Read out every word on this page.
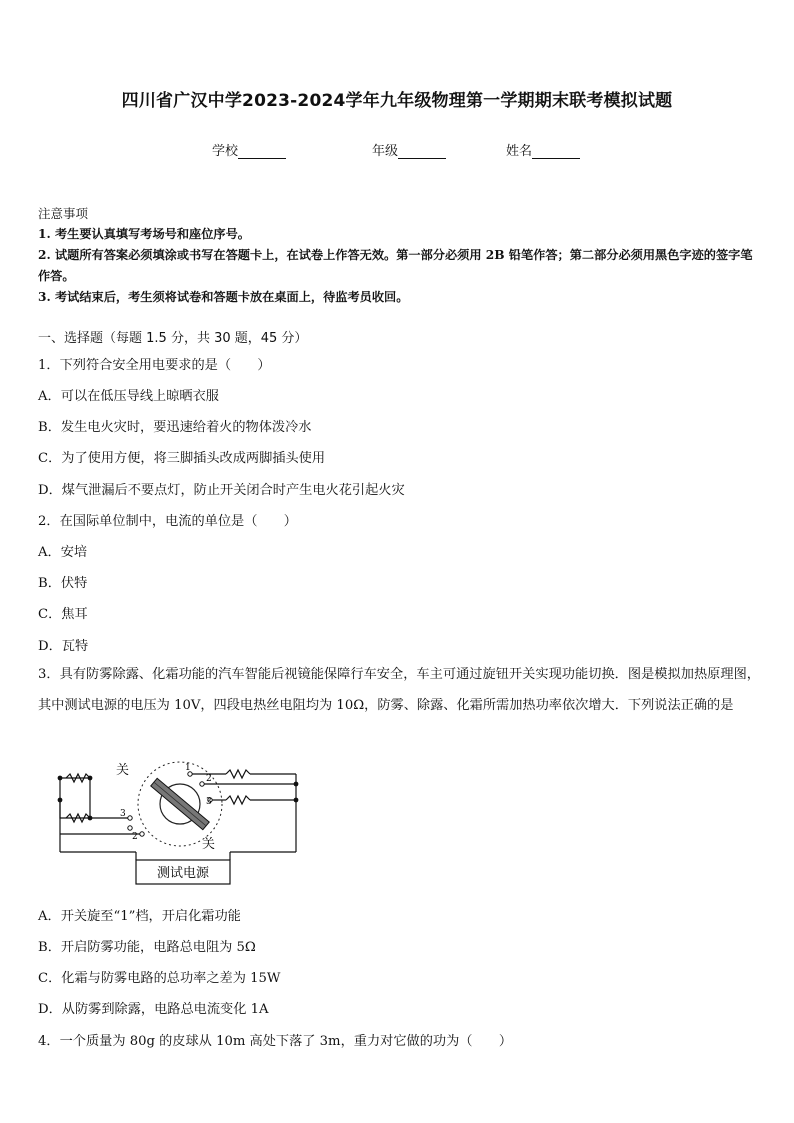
四川省广汉中学2023-2024学年九年级物理第一学期期末联考模拟试题
学校	年级	姓名
注意事项
1. 考生要认真填写考场号和座位序号。
2. 试题所有答案必须填涂或书写在答题卡上，在试卷上作答无效。第一部分必须用 2B 铅笔作答；第二部分必须用黑色字迹的签字笔作答。
3. 考试结束后，考生须将试卷和答题卡放在桌面上，待监考员收回。
一、选择题（每题 1.5 分，共 30 题，45 分）
1．下列符合安全用电要求的是（　　）
A．可以在低压导线上晾晒衣服
B．发生电火灾时，要迅速给着火的物体泼冷水
C．为了使用方便，将三脚插头改成两脚插头使用
D．煤气泄漏后不要点灯，防止开关闭合时产生电火花引起火灾
2．在国际单位制中，电流的单位是（　　）
A．安培
B．伏特
C．焦耳
D．瓦特
3．具有防雾除露、化霜功能的汽车智能后视镜能保障行车安全，车主可通过旋钮开关实现功能切换．图是模拟加热原理图，其中测试电源的电压为 10V，四段电热丝电阻均为 10Ω，防雾、除露、化霜所需加热功率依次增大．下列说法正确的是
3
2
1
2
3
关
关
测试电源
A．开关旋至“1”档，开启化霜功能
B．开启防雾功能，电路总电阻为 5Ω
C．化霜与防雾电路的总功率之差为 15W
D．从防雾到除露，电路总电流变化 1A
4．一个质量为 80g 的皮球从 10m 高处下落了 3m，重力对它做的功为（　　）
